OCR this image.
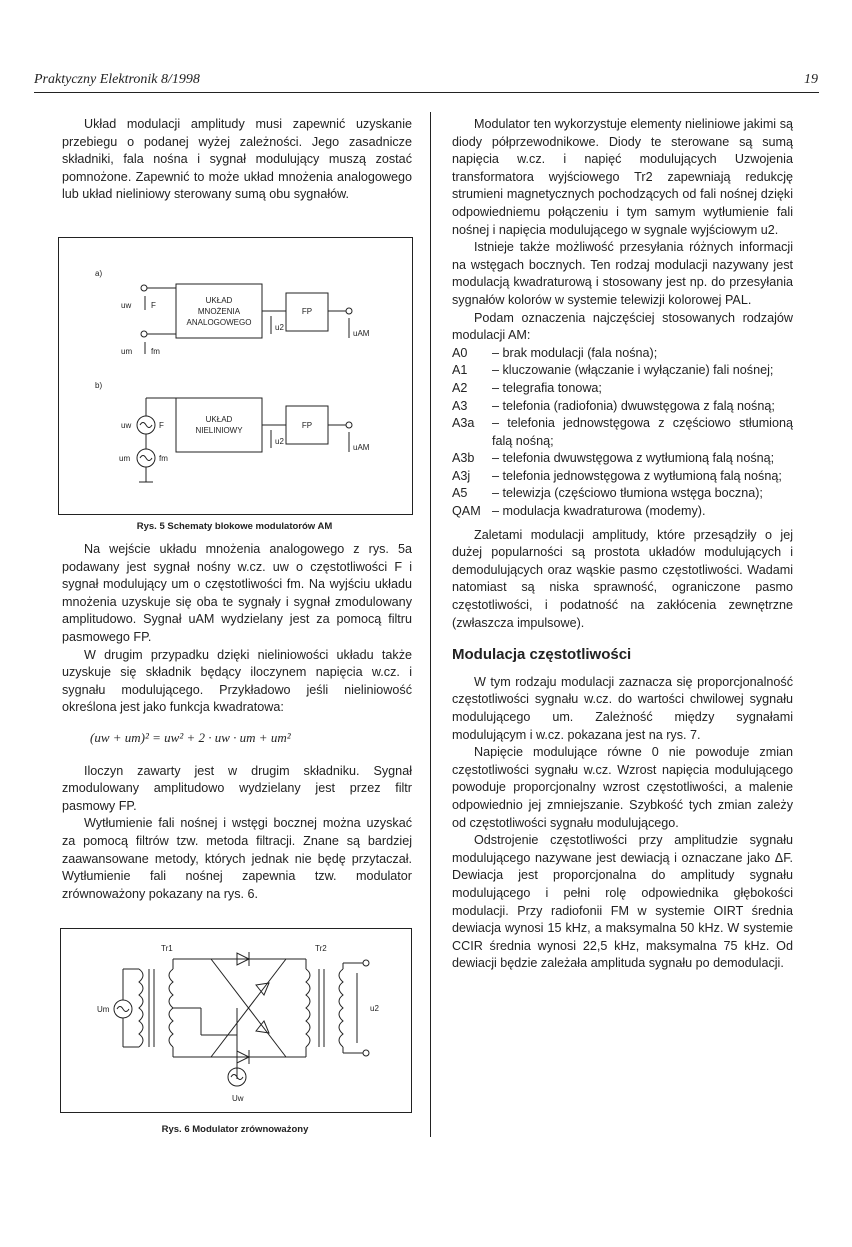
Praktyczny Elektronik 8/1998	19

Układ modulacji amplitudy musi zapewnić uzyskanie przebiegu o podanej wyżej zależności. Jego zasadnicze składniki, fala nośna i sygnał modulujący muszą zostać pomnożone. Zapewnić to może układ mnożenia analogowego lub układ nieliniowy sterowany sumą obu sygnałów.

a)
b)
UKŁAD
MNOŻENIA
ANALOGOWEGO
FP
uw F
um fm
u2
uAM
UKŁAD
NIELINIOWY
FP
uw	F
um	fm
u2
uAM
Rys. 5 Schematy blokowe modulatorów AM

Na wejście układu mnożenia analogowego z rys. 5a podawany jest sygnał nośny w.cz. uw o częstotliwości F i sygnał modulujący um o częstotliwości fm. Na wyjściu układu mnożenia uzyskuje się oba te sygnały i sygnał zmodulowany amplitudowo. Sygnał uAM wydzielany jest za pomocą filtru pasmowego FP.

W drugim przypadku dzięki nieliniowości układu także uzyskuje się składnik będący iloczynem napięcia w.cz. i sygnału modulującego. Przykładowo jeśli nieliniowość określona jest jako funkcja kwadratowa:

(uw + um)² = uw² + 2 · uw · um + um²

Iloczyn zawarty jest w drugim składniku. Sygnał zmodulowany amplitudowo wydzielany jest przez filtr pasmowy FP.

Wytłumienie fali nośnej i wstęgi bocznej można uzyskać za pomocą filtrów tzw. metoda filtracji. Znane są bardziej zaawansowane metody, których jednak nie będę przytaczał. Wytłumienie fali nośnej zapewnia tzw. modulator zrównoważony pokazany na rys. 6.

Tr1	Tr2
Um
Uw
u2
Rys. 6 Modulator zrównoważony

Modulator ten wykorzystuje elementy nieliniowe jakimi są diody półprzewodnikowe. Diody te sterowane są sumą napięcia w.cz. i napięć modulujących Uzwojenia transformatora wyjściowego Tr2 zapewniają redukcję strumieni magnetycznych pochodzących od fali nośnej dzięki odpowiedniemu połączeniu i tym samym wytłumienie fali nośnej i napięcia modulującego w sygnale wyjściowym u2.

Istnieje także możliwość przesyłania różnych informacji na wstęgach bocznych. Ten rodzaj modulacji nazywany jest modulacją kwadraturową i stosowany jest np. do przesyłania sygnałów kolorów w systemie telewizji kolorowej PAL.

Podam oznaczenia najczęściej stosowanych rodzajów modulacji AM:

A0	– brak modulacji (fala nośna);
A1	– kluczowanie (włączanie i wyłączanie) fali nośnej;
A2	– telegrafia tonowa;
A3	– telefonia (radiofonia) dwuwstęgowa z falą nośną;
A3a	– telefonia jednowstęgowa z częściowo stłumioną falą nośną;
A3b	– telefonia dwuwstęgowa z wytłumioną falą nośną;
A3j	– telefonia jednowstęgowa z wytłumioną falą nośną;
A5	– telewizja (częściowo tłumiona wstęga boczna);
QAM – modulacja kwadraturowa (modemy).

Zaletami modulacji amplitudy, które przesądziły o jej dużej popularności są prostota układów modulujących i demodulujących oraz wąskie pasmo częstotliwości. Wadami natomiast są niska sprawność, ograniczone pasmo częstotliwości, i podatność na zakłócenia zewnętrzne (zwłaszcza impulsowe).

Modulacja częstotliwości

W tym rodzaju modulacji zaznacza się proporcjonalność częstotliwości sygnału w.cz. do wartości chwilowej sygnału modulującego um. Zależność między sygnałami modulującym i w.cz. pokazana jest na rys. 7.

Napięcie modulujące równe 0 nie powoduje zmian częstotliwości sygnału w.cz. Wzrost napięcia modulującego powoduje proporcjonalny wzrost częstotliwości, a malenie odpowiednio jej zmniejszanie. Szybkość tych zmian zależy od częstotliwości sygnału modulującego.

Odstrojenie częstotliwości przy amplitudzie sygnału modulującego nazywane jest dewiacją i oznaczane jako ΔF. Dewiacja jest proporcjonalna do amplitudy sygnału modulującego i pełni rolę odpowiednika głębokości modulacji. Przy radiofonii FM w systemie OIRT średnia dewiacja wynosi 15 kHz, a maksymalna 50 kHz. W systemie CCIR średnia wynosi 22,5 kHz, maksymalna 75 kHz. Od dewiacji będzie zależała amplituda sygnału po demodulacji.
